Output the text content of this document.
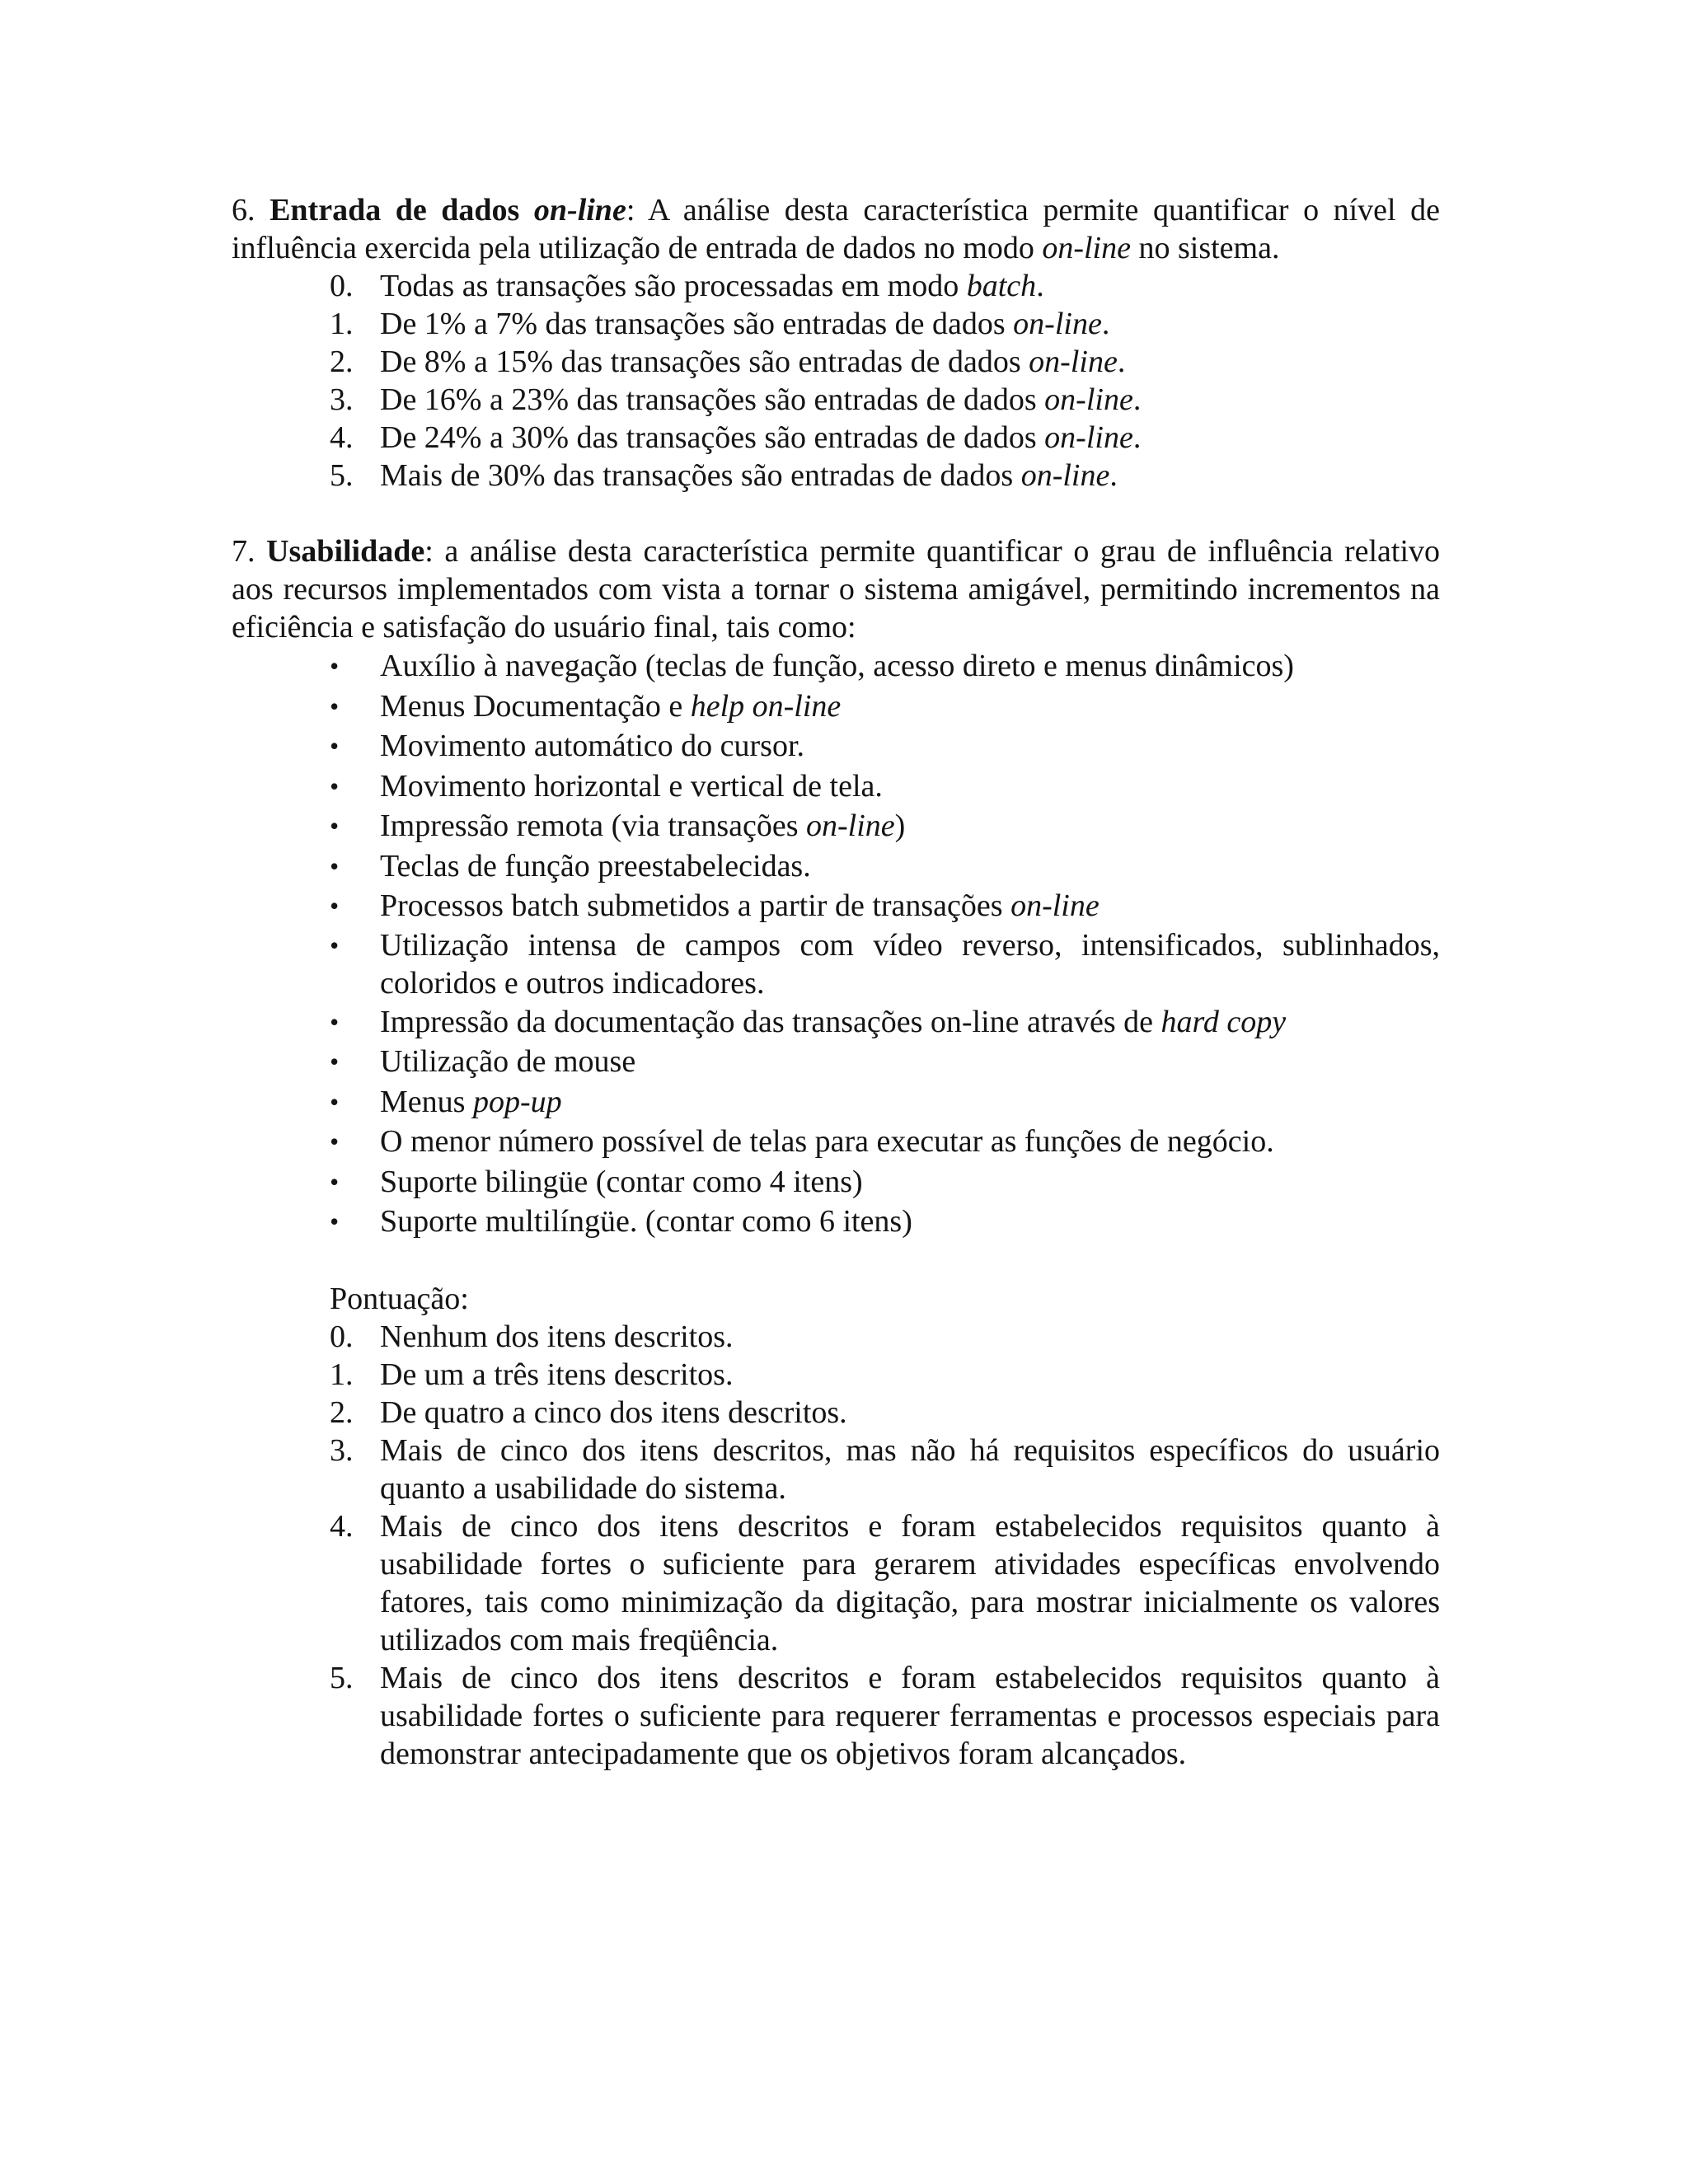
6. Entrada de dados on-line: A análise desta característica permite quantificar o nível de influência exercida pela utilização de entrada de dados no modo on-line no sistema.

0. Todas as transações são processadas em modo batch.
1. De 1% a 7% das transações são entradas de dados on-line.
2. De 8% a 15% das transações são entradas de dados on-line.
3. De 16% a 23% das transações são entradas de dados on-line.
4. De 24% a 30% das transações são entradas de dados on-line.
5. Mais de 30% das transações são entradas de dados on-line.

7. Usabilidade: a análise desta característica permite quantificar o grau de influência relativo aos recursos implementados com vista a tornar o sistema amigável, permitindo incrementos na eficiência e satisfação do usuário final, tais como:

• Auxílio à navegação (teclas de função, acesso direto e menus dinâmicos)
• Menus Documentação e help on-line
• Movimento automático do cursor.
• Movimento horizontal e vertical de tela.
• Impressão remota (via transações on-line)
• Teclas de função preestabelecidas.
• Processos batch submetidos a partir de transações on-line
• Utilização intensa de campos com vídeo reverso, intensificados, sublinhados, coloridos e outros indicadores.
• Impressão da documentação das transações on-line através de hard copy
• Utilização de mouse
• Menus pop-up
• O menor número possível de telas para executar as funções de negócio.
• Suporte bilingüe (contar como 4 itens)
• Suporte multilíngüe. (contar como 6 itens)

Pontuação:

0. Nenhum dos itens descritos.
1. De um a três itens descritos.
2. De quatro a cinco dos itens descritos.
3. Mais de cinco dos itens descritos, mas não há requisitos específicos do usuário quanto a usabilidade do sistema.
4. Mais de cinco dos itens descritos e foram estabelecidos requisitos quanto à usabilidade fortes o suficiente para gerarem atividades específicas envolvendo fatores, tais como minimização da digitação, para mostrar inicialmente os valores utilizados com mais freqüência.
5. Mais de cinco dos itens descritos e foram estabelecidos requisitos quanto à usabilidade fortes o suficiente para requerer ferramentas e processos especiais para demonstrar antecipadamente que os objetivos foram alcançados.
